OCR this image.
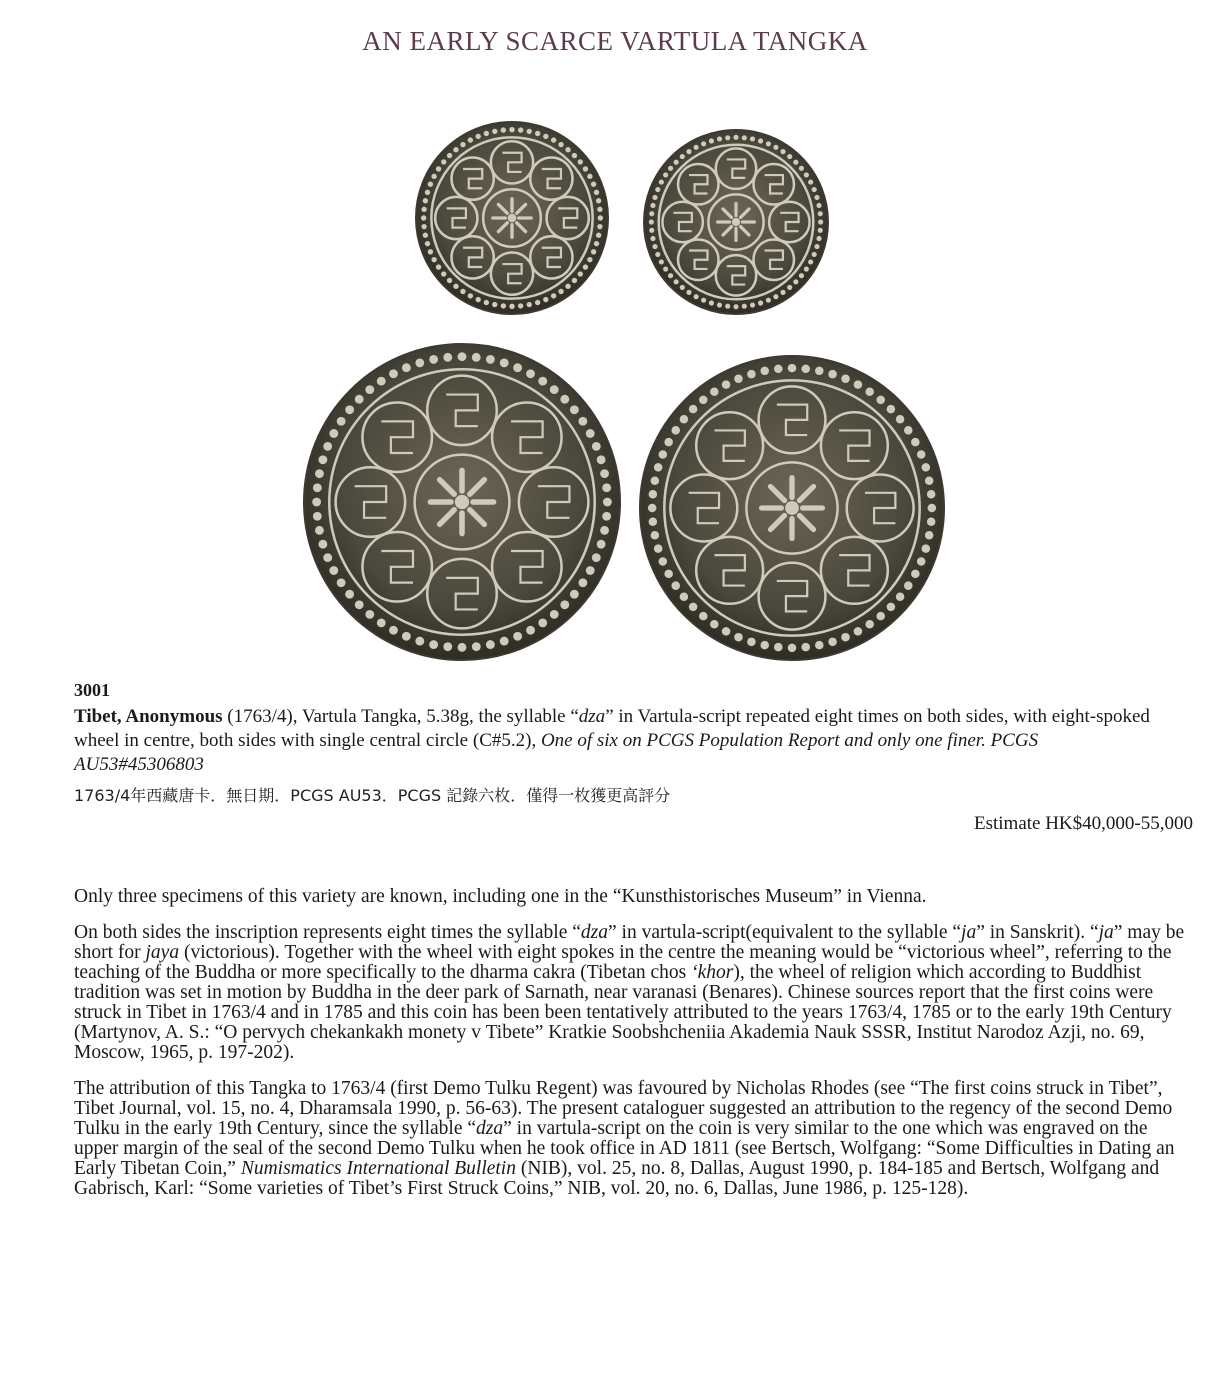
AN EARLY SCARCE VARTULA TANGKA
3001
Tibet, Anonymous (1763/4), Vartula Tangka, 5.38g, the syllable “dza” in Vartula-script repeated eight times on both sides, with eight-spoked wheel in centre, both sides with single central circle (C#5.2), One of six on PCGS Population Report and only one finer. PCGS AU53#45306803
1763/4年西藏唐卡．無日期．PCGS AU53．PCGS 記錄六枚．僅得一枚獲更高評分
Estimate HK$40,000-55,000

Only three specimens of this variety are known, including one in the “Kunsthistorisches Museum” in Vienna.

On both sides the inscription represents eight times the syllable “dza” in vartula-script(equivalent to the syllable “ja” in Sanskrit). “ja” may be short for jaya (victorious). Together with the wheel with eight spokes in the centre the meaning would be “victorious wheel”, referring to the teaching of the Buddha or more specifically to the dharma cakra (Tibetan chos ‘khor), the wheel of religion which according to Buddhist tradition was set in motion by Buddha in the deer park of Sarnath, near varanasi (Benares). Chinese sources report that the first coins were struck in Tibet in 1763/4 and in 1785 and this coin has been been tentatively attributed to the years 1763/4, 1785 or to the early 19th Century (Martynov, A. S.: “O pervych chekankakh monety v Tibete” Kratkie Soobshcheniia Akademia Nauk SSSR, Institut Narodoz Azji, no. 69, Moscow, 1965, p. 197-202).

The attribution of this Tangka to 1763/4 (first Demo Tulku Regent) was favoured by Nicholas Rhodes (see “The first coins struck in Tibet”, Tibet Journal, vol. 15, no. 4, Dharamsala 1990, p. 56-63). The present cataloguer suggested an attribution to the regency of the second Demo Tulku in the early 19th Century, since the syllable “dza” in vartula-script on the coin is very similar to the one which was engraved on the upper margin of the seal of the second Demo Tulku when he took office in AD 1811 (see Bertsch, Wolfgang: “Some Difficulties in Dating an Early Tibetan Coin,” Numismatics International Bulletin (NIB), vol. 25, no. 8, Dallas, August 1990, p. 184-185 and Bertsch, Wolfgang and Gabrisch, Karl: “Some varieties of Tibet’s First Struck Coins,” NIB, vol. 20, no. 6, Dallas, June 1986, p. 125-128).
